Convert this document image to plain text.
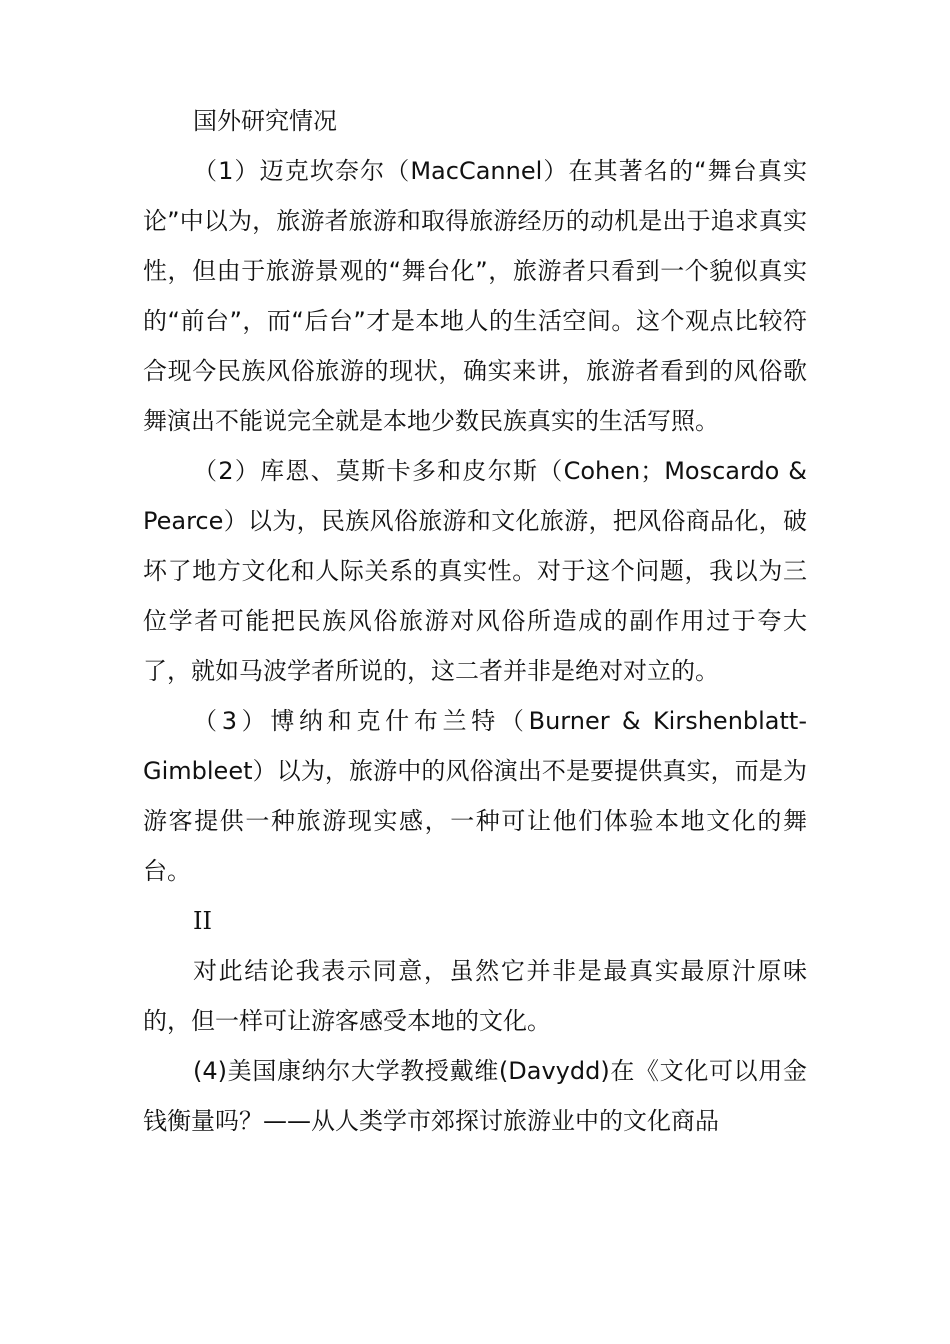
国外研究情况

（1）迈克坎奈尔（MacCannel）在其著名的“舞台真实论”中以为，旅游者旅游和取得旅游经历的动机是出于追求真实性，但由于旅游景观的“舞台化”，旅游者只看到一个貌似真实的“前台”，而“后台”才是本地人的生活空间。这个观点比较符合现今民族风俗旅游的现状，确实来讲，旅游者看到的风俗歌舞演出不能说完全就是本地少数民族真实的生活写照。

（2）库恩、莫斯卡多和皮尔斯（Cohen；Moscardo & Pearce）以为，民族风俗旅游和文化旅游，把风俗商品化，破坏了地方文化和人际关系的真实性。对于这个问题，我以为三位学者可能把民族风俗旅游对风俗所造成的副作用过于夸大了，就如马波学者所说的，这二者并非是绝对对立的。

（3）博纳和克什布兰特（Burner & Kirshenblatt-Gimbleet）以为，旅游中的风俗演出不是要提供真实，而是为游客提供一种旅游现实感，一种可让他们体验本地文化的舞台。

II

对此结论我表示同意，虽然它并非是最真实最原汁原味的，但一样可让游客感受本地的文化。

(4)美国康纳尔大学教授戴维(Davydd)在《文化可以用金钱衡量吗？——从人类学市郊探讨旅游业中的文化商品
